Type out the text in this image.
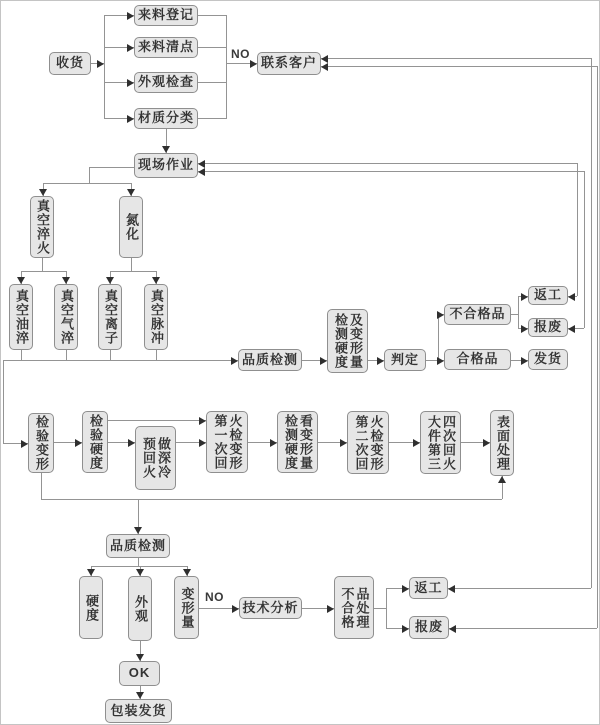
收货
来料登记
来料清点
外观检查
材质分类
联系客户
现场作业
真空淬火	氮化
真空油淬 真空气淬 真空离子 真空脉冲
品质检测	检测硬度 及变形量 判定
不合格品
合格品
返工
报废
发货
检验变形	检验硬度	预回火 做深冷	第一次回 火检变形	检测硬度 看变形量	第二次回 火检变形	大件第三 四次回火	表面处理
品质检测
硬度	外观 变形量	技术分析	不合格 品处理	返工
报废
OK
包装发货
NO
NO
